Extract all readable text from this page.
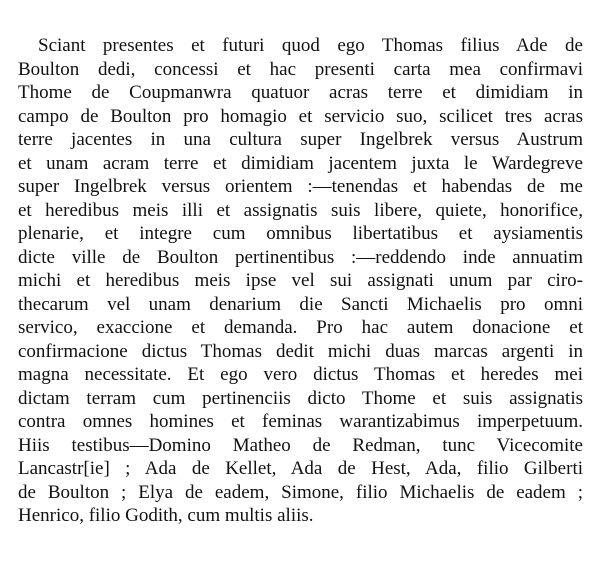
Sciant presentes et futuri quod ego Thomas filius Ade de
Boulton dedi, concessi et hac presenti carta mea confirmavi
Thome de Coupmanwra quatuor acras terre et dimidiam in
campo de Boulton pro homagio et servicio suo, scilicet tres acras
terre jacentes in una cultura super Ingelbrek versus Austrum
et unam acram terre et dimidiam jacentem juxta le Wardegreve
super Ingelbrek versus orientem :—tenendas et habendas de me
et heredibus meis illi et assignatis suis libere, quiete, honorifice,
plenarie, et integre cum omnibus libertatibus et aysiamentis
dicte ville de Boulton pertinentibus :—reddendo inde annuatim
michi et heredibus meis ipse vel sui assignati unum par ciro-
thecarum vel unam denarium die Sancti Michaelis pro omni
servico, exaccione et demanda. Pro hac autem donacione et
confirmacione dictus Thomas dedit michi duas marcas argenti in
magna necessitate. Et ego vero dictus Thomas et heredes mei
dictam terram cum pertinenciis dicto Thome et suis assignatis
contra omnes homines et feminas warantizabimus imperpetuum.
Hiis testibus—Domino Matheo de Redman, tunc Vicecomite
Lancastr[ie] ; Ada de Kellet, Ada de Hest, Ada, filio Gilberti
de Boulton ; Elya de eadem, Simone, filio Michaelis de eadem ;
Henrico, filio Godith, cum multis aliis.
